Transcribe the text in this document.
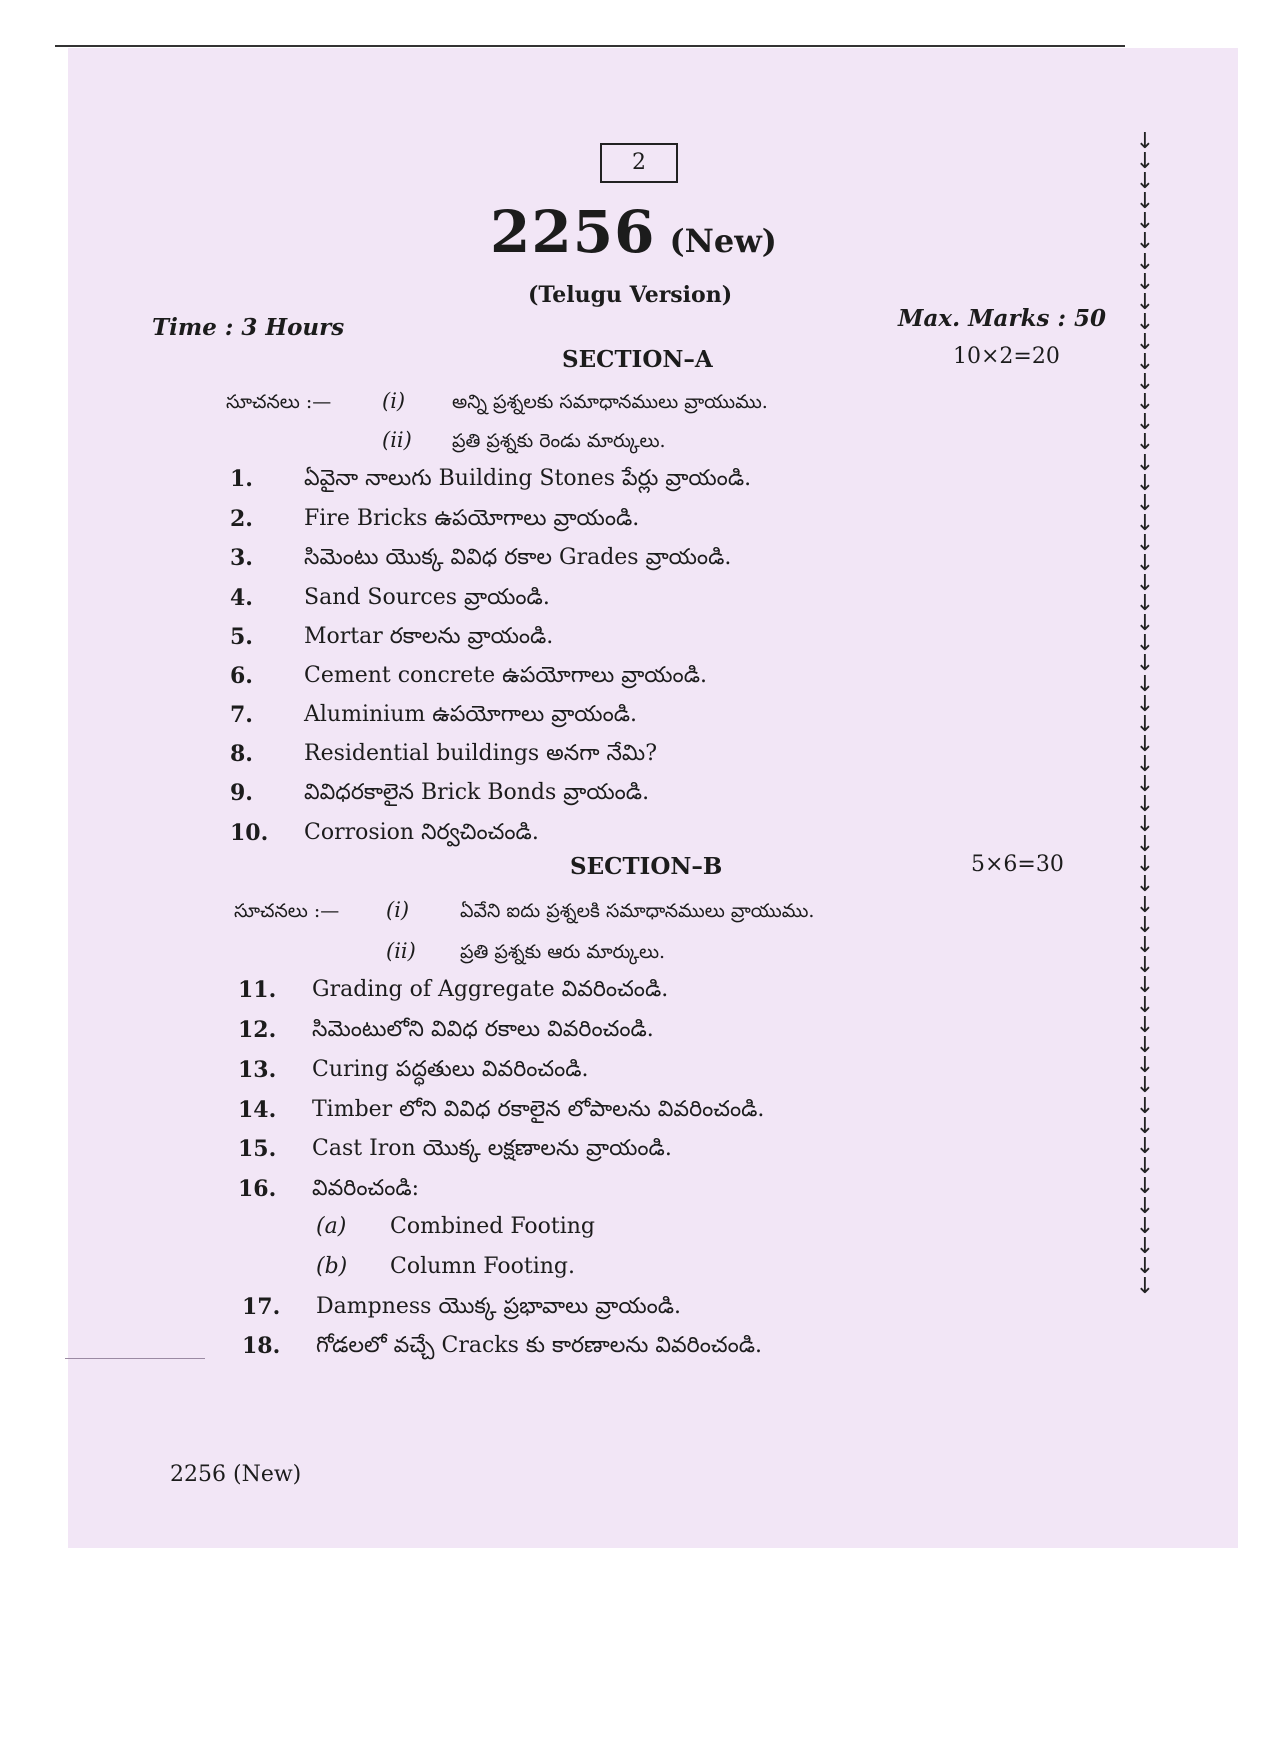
2
2256 (New)
(Telugu Version)
Time : 3 Hours	Max. Marks : 50
SECTION–A	10×2=20
సూచనలు :— (i) అన్ని ప్రశ్నలకు సమాధానములు వ్రాయుము.
(ii) ప్రతి ప్రశ్నకు రెండు మార్కులు.
1. ఏవైనా నాలుగు Building Stones పేర్లు వ్రాయండి.
2. Fire Bricks ఉపయోగాలు వ్రాయండి.
3. సిమెంటు యొక్క వివిధ రకాల Grades వ్రాయండి.
4. Sand Sources వ్రాయండి.
5. Mortar రకాలను వ్రాయండి.
6. Cement concrete ఉపయోగాలు వ్రాయండి.
7. Aluminium ఉపయోగాలు వ్రాయండి.
8. Residential buildings అనగా నేమి?
9. వివిధరకాలైన Brick Bonds వ్రాయండి.
10. Corrosion నిర్వచించండి.
SECTION–B	5×6=30
సూచనలు :— (i)	ఏవేని ఐదు ప్రశ్నలకి సమాధానములు వ్రాయుము.
(ii) ప్రతి ప్రశ్నకు ఆరు మార్కులు.
11. Grading of Aggregate వివరించండి.
12. సిమెంటులోని వివిధ రకాలు వివరించండి.
13. Curing పద్ధతులు వివరించండి.
14. Timber లోని వివిధ రకాలైన లోపాలను వివరించండి.
15. Cast Iron యొక్క లక్షణాలను వ్రాయండి.
16. వివరించండి:
(a) Combined Footing
(b) Column Footing.
17. Dampness యొక్క ప్రభావాలు వ్రాయండి.
18. గోడలలో వచ్చే Cracks కు కారణాలను వివరించండి.
2256 (New)
↓
↓
↓
↓
↓
↓
↓
↓
↓
↓
↓
↓
↓
↓
↓
↓
↓
↓
↓
↓
↓
↓
↓
↓
↓
↓
↓
↓
↓
↓
↓
↓
↓
↓
↓
↓
↓
↓
↓
↓
↓
↓
↓
↓
↓
↓
↓
↓
↓
↓
↓
↓
↓
↓
↓
↓
↓
↓
